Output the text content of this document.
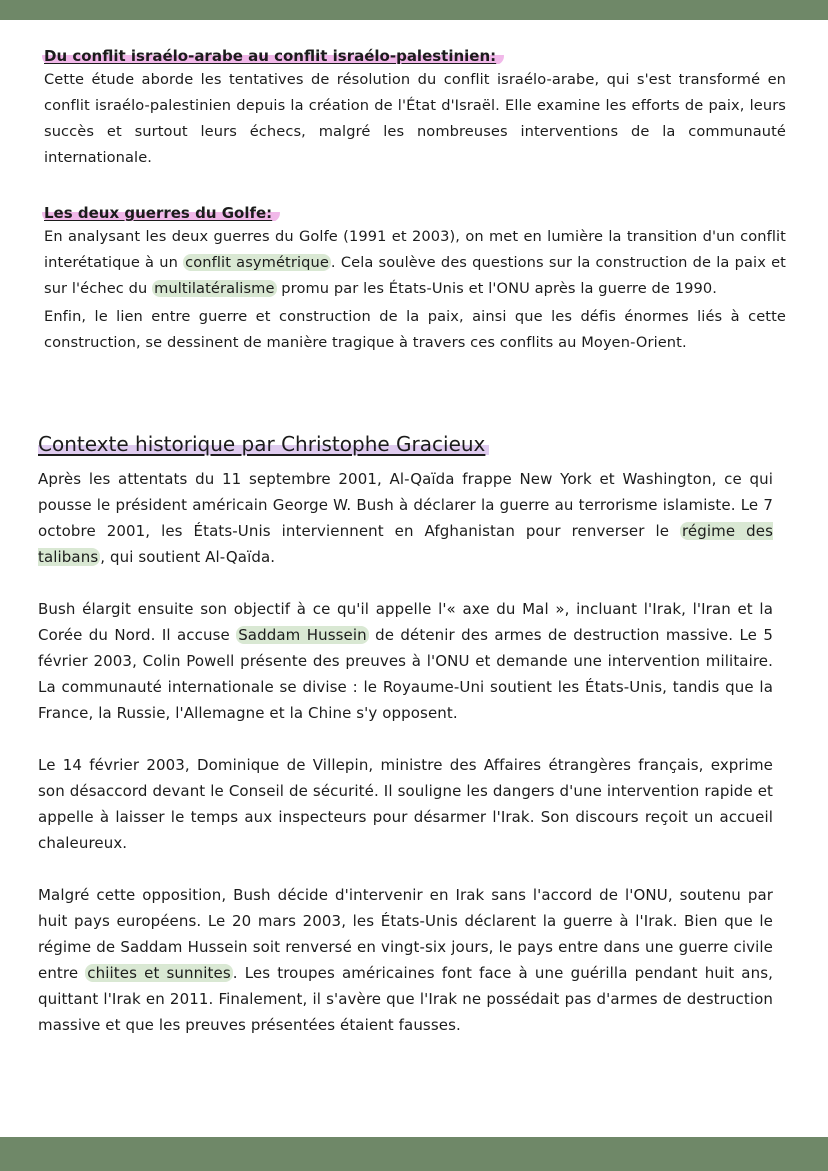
Du conflit israélo-arabe au conflit israélo-palestinien:

Cette étude aborde les tentatives de résolution du conflit israélo-arabe, qui s'est transformé en conflit israélo-palestinien depuis la création de l'État d'Israël. Elle examine les efforts de paix, leurs succès et surtout leurs échecs, malgré les nombreuses interventions de la communauté internationale.

Les deux guerres du Golfe:

En analysant les deux guerres du Golfe (1991 et 2003), on met en lumière la transition d'un conflit interétatique à un conflit asymétrique . Cela soulève des questions sur la construction de la paix et sur l'échec du multilatéralisme promu par les États-Unis et l'ONU après la guerre de 1990.

Enfin, le lien entre guerre et construction de la paix, ainsi que les défis énormes liés à cette construction, se dessinent de manière tragique à travers ces conflits au Moyen-Orient.

Contexte historique par Christophe Gracieux

Après les attentats du 11 septembre 2001, Al-Qaïda frappe New York et Washington, ce qui pousse le président américain George W. Bush à déclarer la guerre au terrorisme islamiste. Le 7 octobre 2001, les États-Unis interviennent en Afghanistan pour renverser le régime des talibans , qui soutient Al-Qaïda.

Bush élargit ensuite son objectif à ce qu'il appelle l'« axe du Mal », incluant l'Irak, l'Iran et la Corée du Nord. Il accuse Saddam Hussein de détenir des armes de destruction massive. Le 5 février 2003, Colin Powell présente des preuves à l'ONU et demande une intervention militaire. La communauté internationale se divise : le Royaume-Uni soutient les États-Unis, tandis que la France, la Russie, l'Allemagne et la Chine s'y opposent.

Le 14 février 2003, Dominique de Villepin, ministre des Affaires étrangères français, exprime son désaccord devant le Conseil de sécurité. Il souligne les dangers d'une intervention rapide et appelle à laisser le temps aux inspecteurs pour désarmer l'Irak. Son discours reçoit un accueil chaleureux.

Malgré cette opposition, Bush décide d'intervenir en Irak sans l'accord de l'ONU, soutenu par huit pays européens. Le 20 mars 2003, les États-Unis déclarent la guerre à l'Irak. Bien que le régime de Saddam Hussein soit renversé en vingt-six jours, le pays entre dans une guerre civile entre chiites et sunnites . Les troupes américaines font face à une guérilla pendant huit ans, quittant l'Irak en 2011. Finalement, il s'avère que l'Irak ne possédait pas d'armes de destruction massive et que les preuves présentées étaient fausses.
